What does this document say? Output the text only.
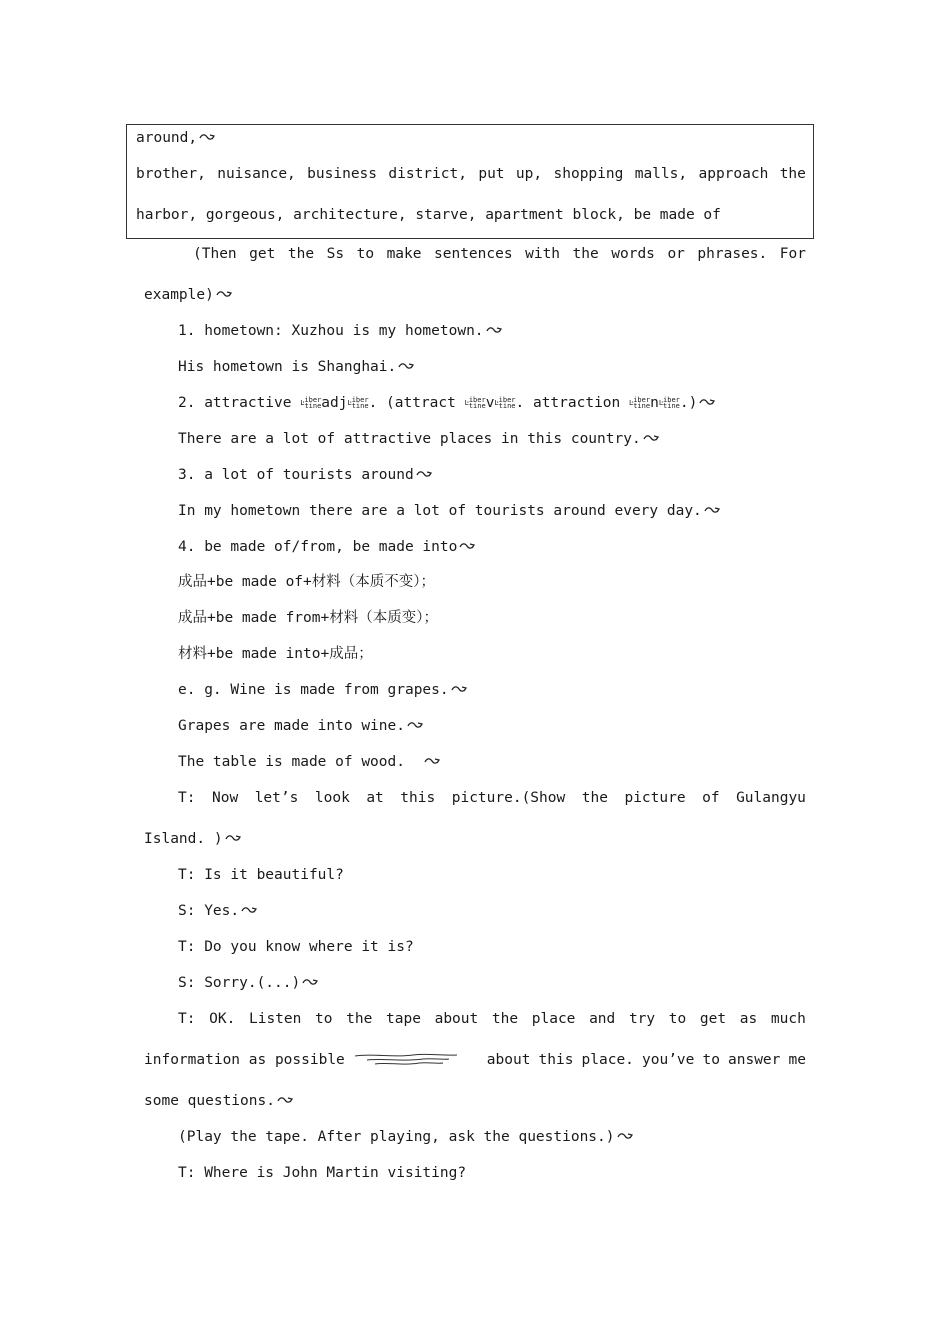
around,
brother, nuisance, business district, put up, shopping malls, approach the
harbor, gorgeous, architecture, starve, apartment block, be made of
(Then get the Ss to make sentences with the words or phrases. For
example)
1. hometown: Xuzhou is my hometown.
His hometown is Shanghai.
2. attractive Ŀiber
tineadjĿiber
tine. (attract Ŀiber
tinevĿiber
tine. attraction Ŀiber
tinenĿiber
tine.)
There are a lot of attractive places in this country.
3. a lot of tourists around
In my hometown there are a lot of tourists around every day.
4. be made of/from, be made into
成品+be made of+材料（本质不变）；
成品+be made from+材料（本质变）；
材料+be made into+成品；
e. g. Wine is made from grapes.
Grapes are made into wine.
The table is made of wood.
T: Now let’s look at this picture.(Show the picture of Gulangyu
Island. )
T: Is it beautiful?
S: Yes.
T: Do you know where it is?
S: Sorry.(...)
T: OK. Listen to the tape about the place and try to get as much
information as possible	about this place. you’ve to answer me
some questions.
(Play the tape. After playing, ask the questions.)
T: Where is John Martin visiting?
